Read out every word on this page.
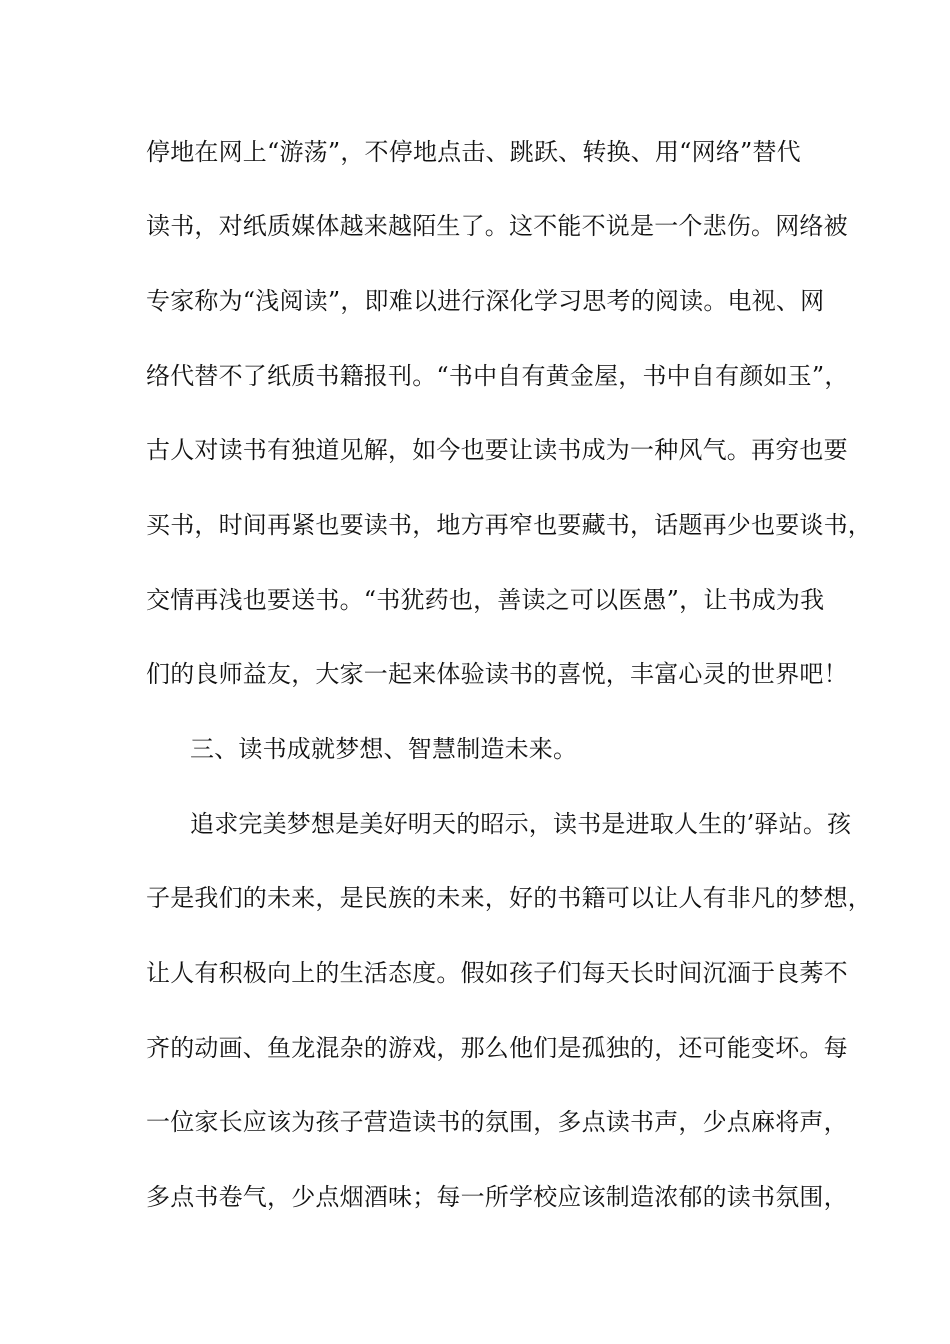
停地在网上“游荡”，不停地点击、跳跃、转换、用“网络”替代
读书，对纸质媒体越来越陌生了。这不能不说是一个悲伤。网络被
专家称为“浅阅读”，即难以进行深化学习思考的阅读。电视、网
络代替不了纸质书籍报刊。“书中自有黄金屋，书中自有颜如玉”，
古人对读书有独道见解，如今也要让读书成为一种风气。再穷也要
买书，时间再紧也要读书，地方再窄也要藏书，话题再少也要谈书，
交情再浅也要送书。“书犹药也，善读之可以医愚”，让书成为我
们的良师益友，大家一起来体验读书的喜悦，丰富心灵的世界吧！
三、读书成就梦想、智慧制造未来。
追求完美梦想是美好明天的昭示，读书是进取人生的’驿站。孩
子是我们的未来，是民族的未来，好的书籍可以让人有非凡的梦想，
让人有积极向上的生活态度。假如孩子们每天长时间沉湎于良莠不
齐的动画、鱼龙混杂的游戏，那么他们是孤独的，还可能变坏。每
一位家长应该为孩子营造读书的氛围，多点读书声，少点麻将声，
多点书卷气，少点烟酒味；每一所学校应该制造浓郁的读书氛围，
